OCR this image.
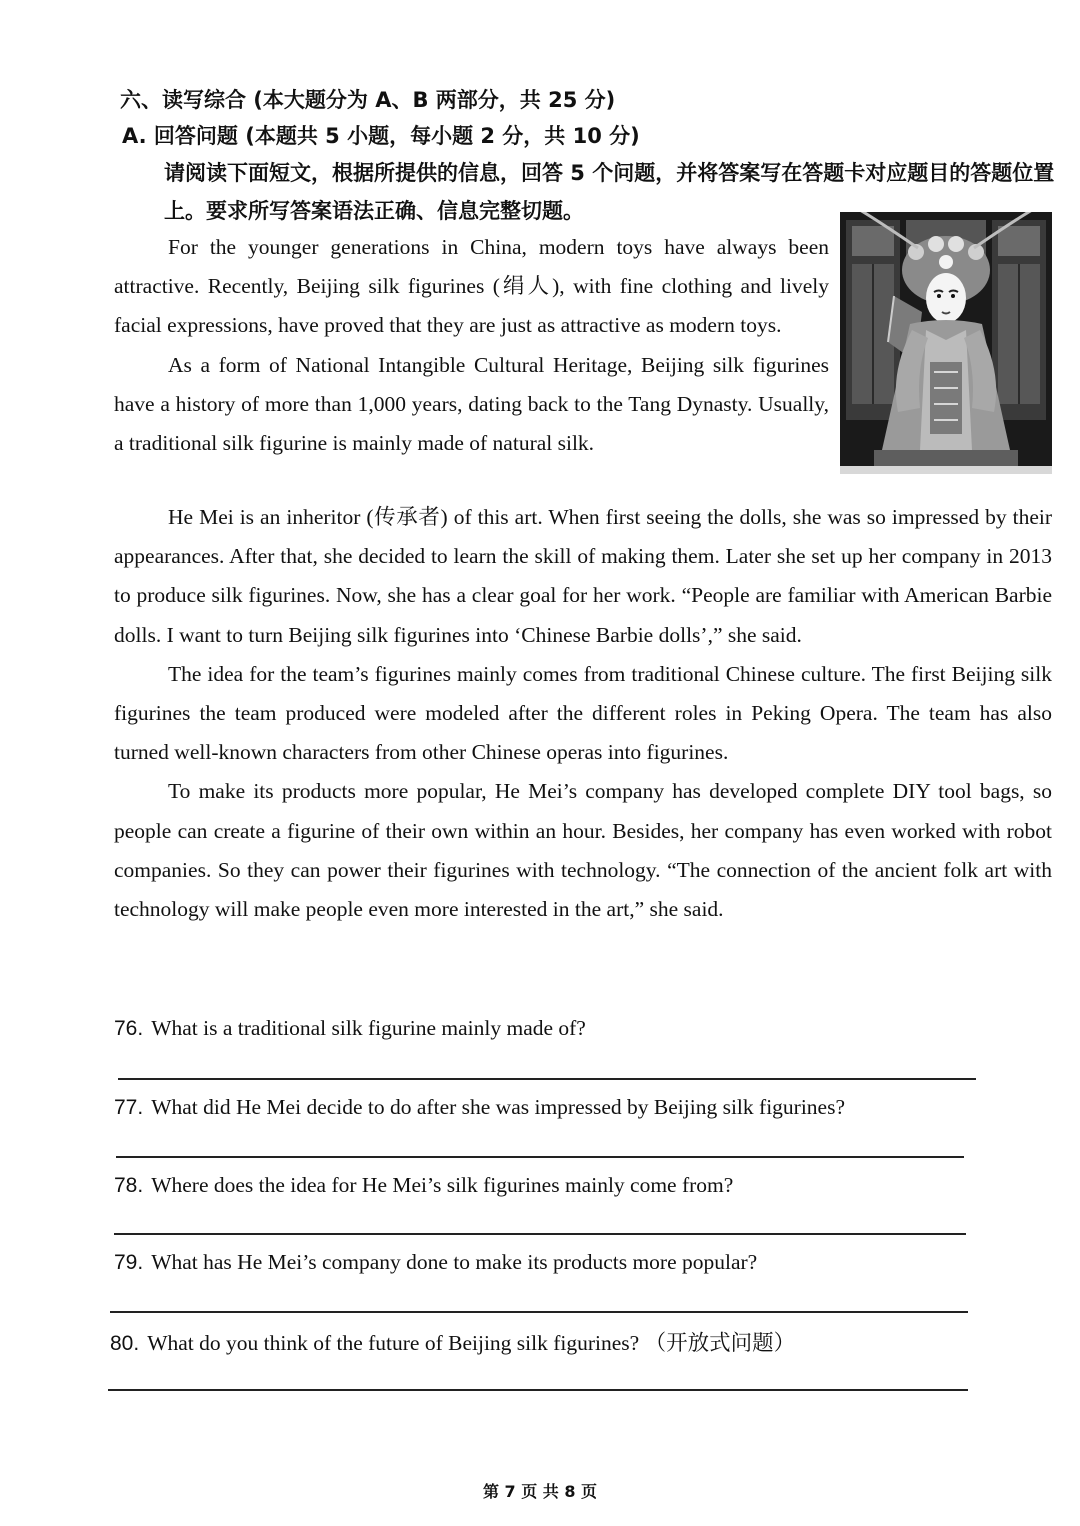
六、读写综合 (本大题分为 A、B 两部分，共 25 分)
A. 回答问题 (本题共 5 小题，每小题 2 分，共 10 分)
请阅读下面短文，根据所提供的信息，回答 5 个问题，并将答案写在答题卡对应题目的答题位置上。要求所写答案语法正确、信息完整切题。

For the younger generations in China, modern toys have always been attractive. Recently, Beijing silk figurines (绢人), with fine clothing and lively facial expressions, have proved that they are just as attractive as modern toys.

As a form of National Intangible Cultural Heritage, Beijing silk figurines have a history of more than 1,000 years, dating back to the Tang Dynasty. Usually, a traditional silk figurine is mainly made of natural silk.

He Mei is an inheritor (传承者) of this art. When first seeing the dolls, she was so impressed by their appearances. After that, she decided to learn the skill of making them. Later she set up her company in 2013 to produce silk figurines. Now, she has a clear goal for her work. “People are familiar with American Barbie dolls. I want to turn Beijing silk figurines into ‘Chinese Barbie dolls’,” she said.

The idea for the team’s figurines mainly comes from traditional Chinese culture. The first Beijing silk figurines the team produced were modeled after the different roles in Peking Opera. The team has also turned well-known characters from other Chinese operas into figurines.

To make its products more popular, He Mei’s company has developed complete DIY tool bags, so people can create a figurine of their own within an hour. Besides, her company has even worked with robot companies. So they can power their figurines with technology. “The connection of the ancient folk art with technology will make people even more interested in the art,” she said.

76. What is a traditional silk figurine mainly made of?
77. What did He Mei decide to do after she was impressed by Beijing silk figurines?
78. Where does the idea for He Mei’s silk figurines mainly come from?
79. What has He Mei’s company done to make its products more popular?
80. What do you think of the future of Beijing silk figurines? （开放式问题）
第 7 页 共 8 页
